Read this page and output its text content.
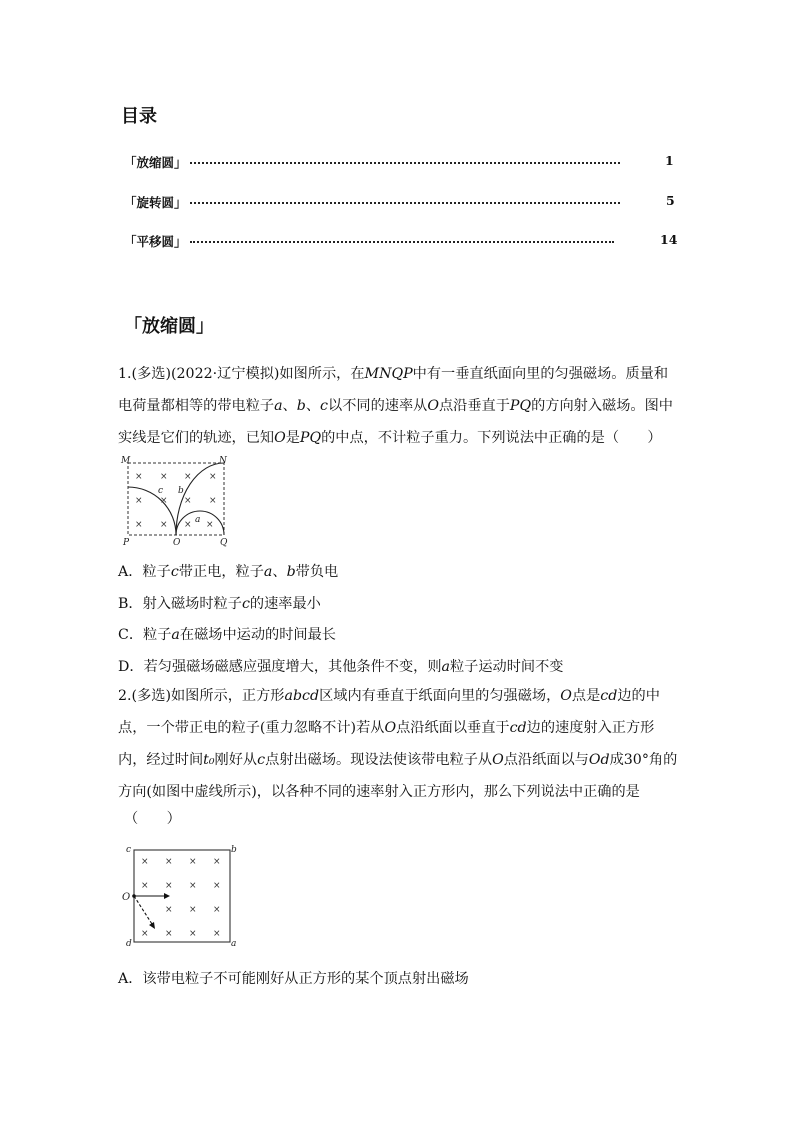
目录
「放缩圆」	1
「旋转圆」	5
「平移圆」	14
「放缩圆」

1.(多选)(2022·辽宁模拟)如图所示，在MNQP中有一垂直纸面向里的匀强磁场。质量和电荷量都相等的带电粒子a、b、c以不同的速率从O点沿垂直于PQ的方向射入磁场。图中实线是它们的轨迹，已知O是PQ的中点，不计粒子重力。下列说法中正确的是（　　）

× × × ×
× × × ×
× × × ×
M	N
P	O	Q
a
b
c
A．粒子c带正电，粒子a、b带负电
B．射入磁场时粒子c的速率最小
C．粒子a在磁场中运动的时间最长
D．若匀强磁场磁感应强度增大，其他条件不变，则a粒子运动时间不变

2.(多选)如图所示，正方形abcd区域内有垂直于纸面向里的匀强磁场，O点是cd边的中点，一个带正电的粒子(重力忽略不计)若从O点沿纸面以垂直于cd边的速度射入正方形内，经过时间t₀刚好从c点射出磁场。现设法使该带电粒子从O点沿纸面以与Od成30°角的方向(如图中虚线所示)，以各种不同的速率射入正方形内，那么下列说法中正确的是

（　　）
× × × ×
× × × ×
× × ×
× × × ×
c	b
O
d	a
A．该带电粒子不可能刚好从正方形的某个顶点射出磁场
